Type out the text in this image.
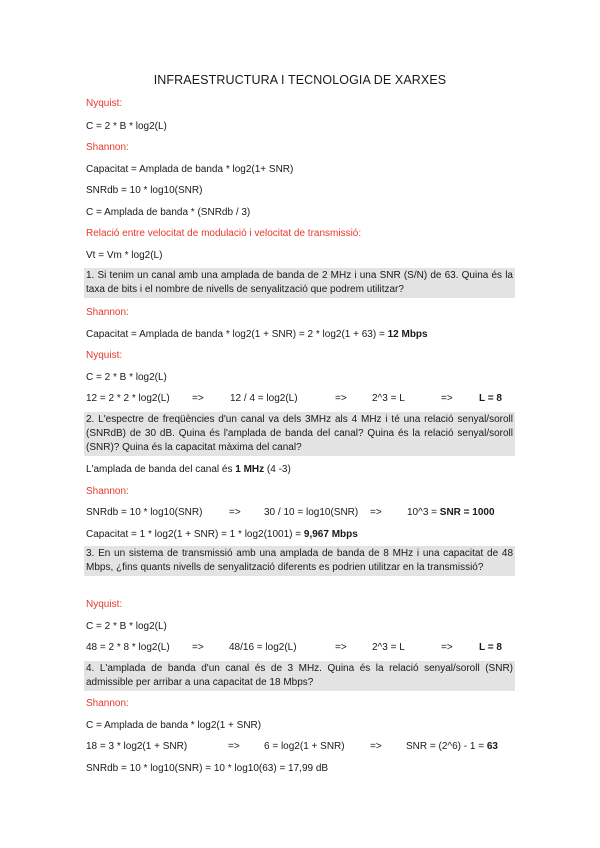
INFRAESTRUCTURA I TECNOLOGIA DE XARXES
Nyquist:
C = 2 * B * log2(L)
Shannon:
Capacitat = Amplada de banda * log2(1+ SNR)
SNRdb = 10 * log10(SNR)
C = Amplada de banda * (SNRdb / 3)
Relació entre velocitat de modulació i velocitat de transmissió:
Vt = Vm * log2(L)
1. Si tenim un canal amb una amplada de banda de 2 MHz i una SNR (S/N) de 63. Quina és la taxa de bits i el nombre de nivells de senyalització que podrem utilitzar?
Shannon:
Capacitat = Amplada de banda * log2(1 + SNR) = 2 * log2(1 + 63) = 12 Mbps
Nyquist:
C = 2 * B * log2(L)
12 = 2 * 2 * log2(L) =>	12 / 4 = log2(L)	=>	2^3 = L	=>	L = 8
2. L'espectre de freqüències d'un canal va dels 3MHz als 4 MHz i té una relació senyal/soroll (SNRdB) de 30 dB. Quina és l'amplada de banda del canal? Quina és la relació senyal/soroll (SNR)? Quina és la capacitat màxima del canal?
L'amplada de banda del canal és 1 MHz (4 -3)
Shannon:
SNRdb = 10 * log10(SNR)	=> 30 / 10 = log10(SNR) =>	10^3 = SNR = 1000
Capacitat = 1 * log2(1 + SNR) = 1 * log2(1001) = 9,967 Mbps
3. En un sistema de transmissió amb una amplada de banda de 8 MHz i una capacitat de 48 Mbps, ¿fins quants nivells de senyalització diferents es podrien utilitzar en la transmissió?
Nyquist:
C = 2 * B * log2(L)
48 = 2 * 8 * log2(L) =>	48/16 = log2(L)	=>	2^3 = L	=>	L = 8
4. L'amplada de banda d'un canal és de 3 MHz. Quina és la relació senyal/soroll (SNR) admissible per arribar a una capacitat de 18 Mbps?
Shannon:
C = Amplada de banda * log2(1 + SNR)
18 = 3 * log2(1 + SNR)	=> 6 = log2(1 + SNR)	=> SNR = (2^6) - 1 = 63
SNRdb = 10 * log10(SNR) = 10 * log10(63) = 17,99 dB
